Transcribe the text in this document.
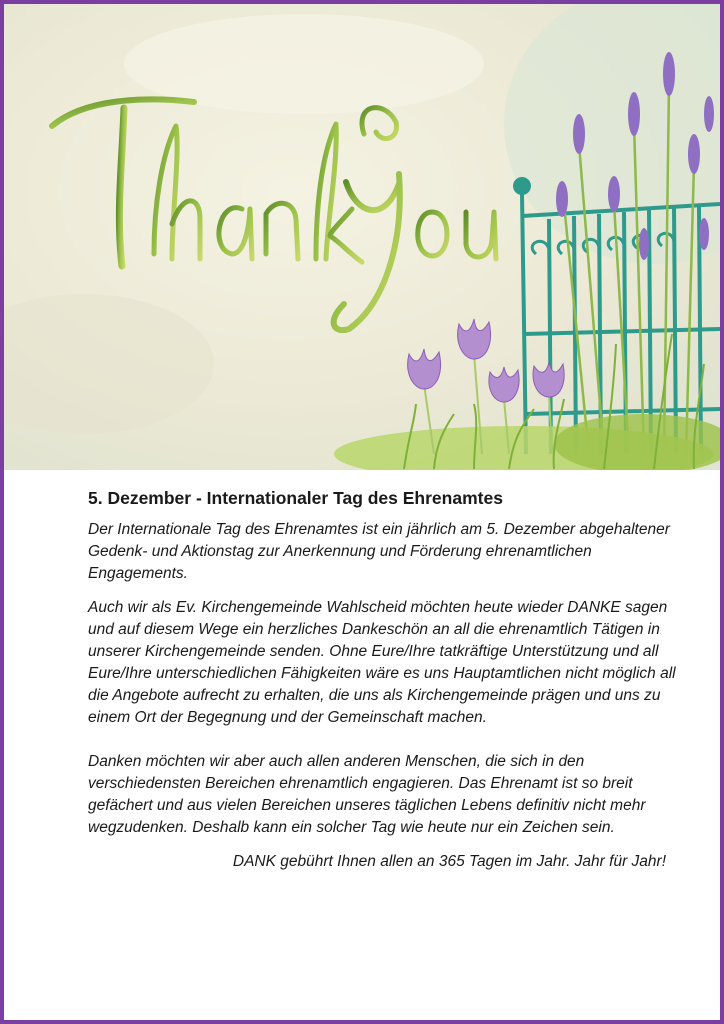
5. Dezember - Internationaler Tag des Ehrenamtes

Der Internationale Tag des Ehrenamtes ist ein jährlich am 5. Dezember abgehaltener Gedenk- und Aktionstag zur Anerkennung und Förderung ehrenamtlichen Engagements.

Auch wir als Ev. Kirchengemeinde Wahlscheid möchten heute wieder DANKE sagen und auf diesem Wege ein herzliches Dankeschön an all die ehrenamtlich Tätigen in unserer Kirchengemeinde senden. Ohne Eure/Ihre tatkräftige Unterstützung und all Eure/Ihre unterschiedlichen Fähigkeiten wäre es uns Hauptamtlichen nicht möglich all die Angebote aufrecht zu erhalten, die uns als Kirchengemeinde prägen und uns zu einem Ort der Begegnung und der Gemeinschaft machen.

Danken möchten wir aber auch allen anderen Menschen, die sich in den verschiedensten Bereichen ehrenamtlich engagieren. Das Ehrenamt ist so breit gefächert und aus vielen Bereichen unseres täglichen Lebens definitiv nicht mehr wegzudenken. Deshalb kann ein solcher Tag wie heute nur ein Zeichen sein.

DANK gebührt Ihnen allen an 365 Tagen im Jahr. Jahr für Jahr!
